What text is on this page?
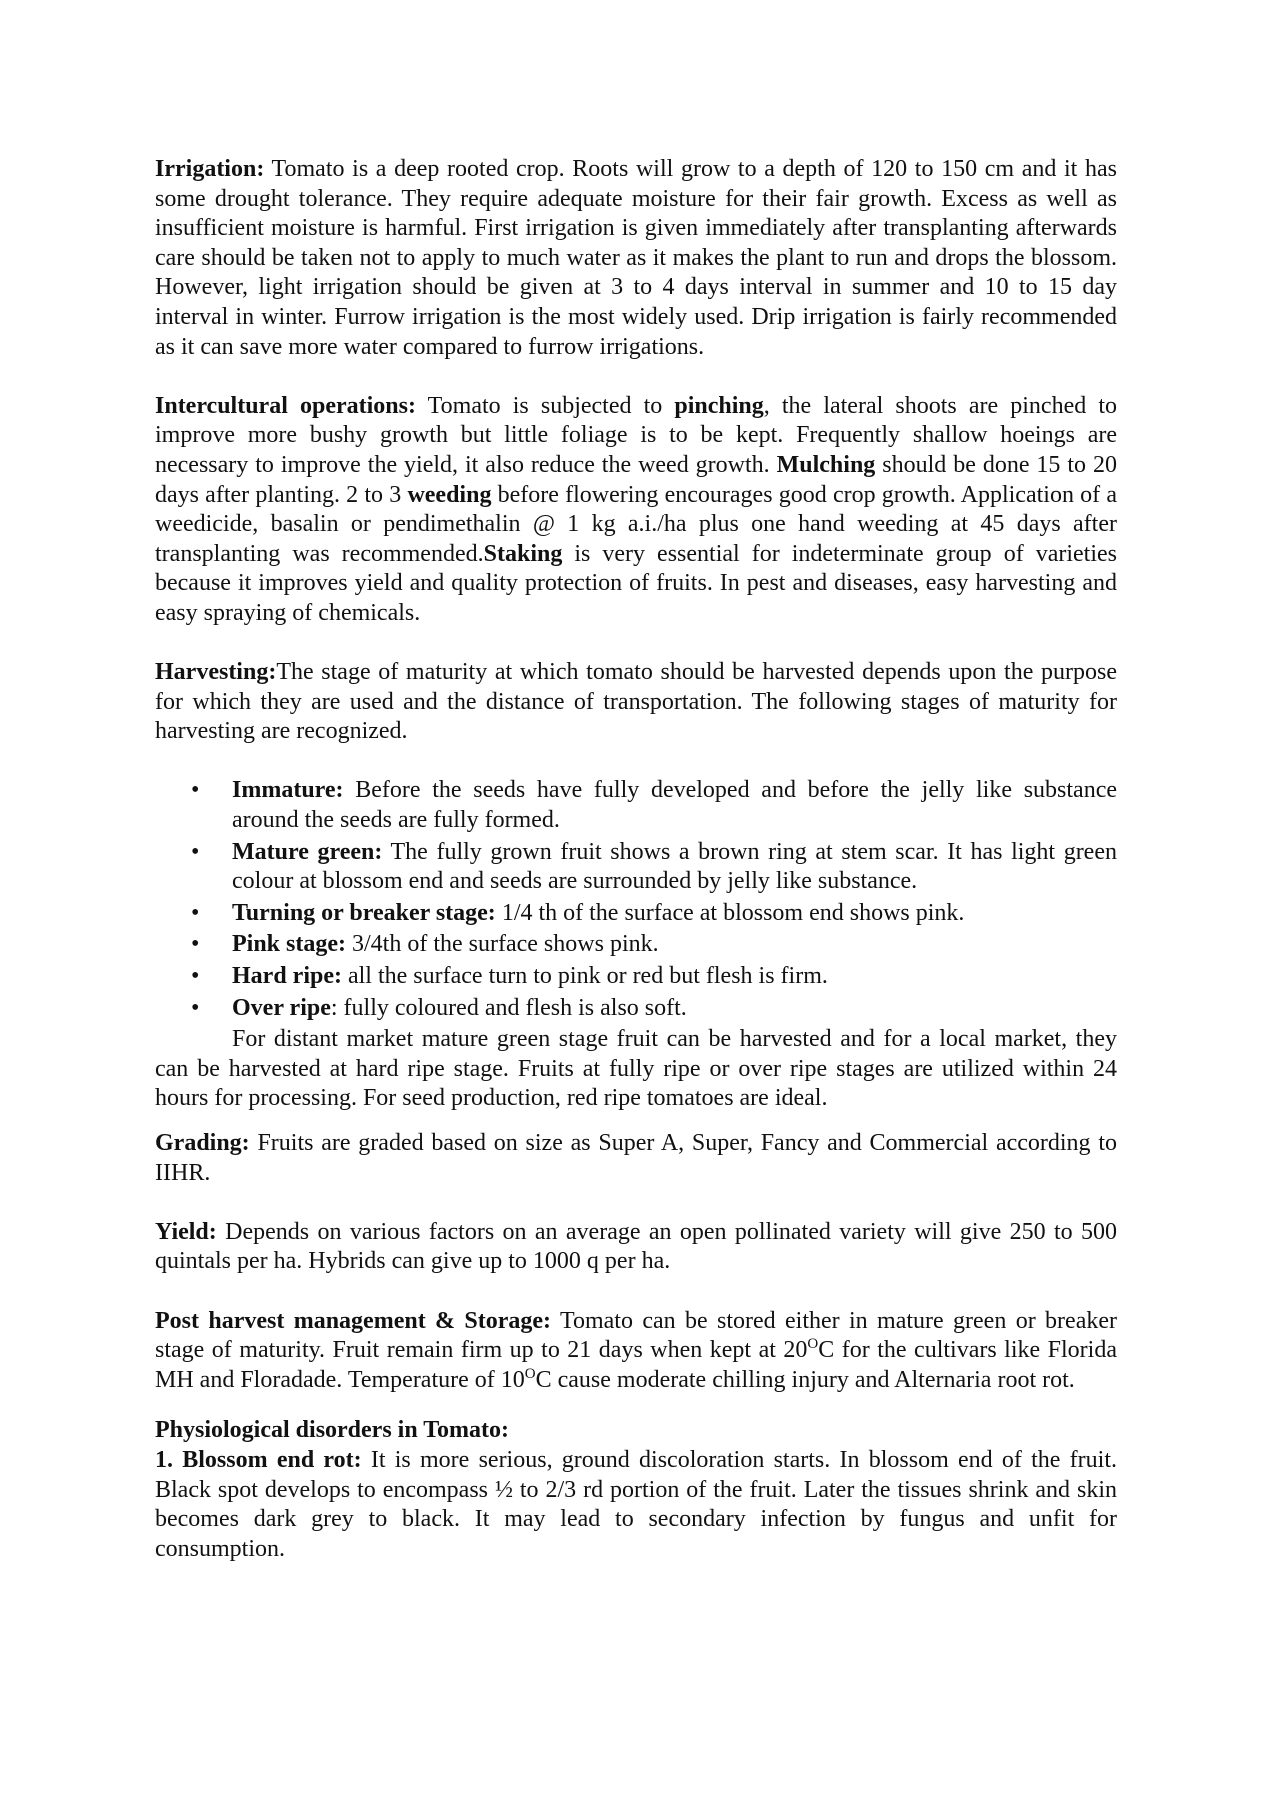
Irrigation: Tomato is a deep rooted crop. Roots will grow to a depth of 120 to 150 cm and it has some drought tolerance. They require adequate moisture for their fair growth. Excess as well as insufficient moisture is harmful. First irrigation is given immediately after transplanting afterwards care should be taken not to apply to much water as it makes the plant to run and drops the blossom. However, light irrigation should be given at 3 to 4 days interval in summer and 10 to 15 day interval in winter. Furrow irrigation is the most widely used. Drip irrigation is fairly recommended as it can save more water compared to furrow irrigations.

Intercultural operations: Tomato is subjected to pinching, the lateral shoots are pinched to improve more bushy growth but little foliage is to be kept. Frequently shallow hoeings are necessary to improve the yield, it also reduce the weed growth. Mulching should be done 15 to 20 days after planting. 2 to 3 weeding before flowering encourages good crop growth. Application of a weedicide, basalin or pendimethalin @ 1 kg a.i./ha plus one hand weeding at 45 days after transplanting was recommended.Staking is very essential for indeterminate group of varieties because it improves yield and quality protection of fruits. In pest and diseases, easy harvesting and easy spraying of chemicals.

Harvesting:The stage of maturity at which tomato should be harvested depends upon the purpose for which they are used and the distance of transportation. The following stages of maturity for harvesting are recognized.

• Immature: Before the seeds have fully developed and before the jelly like substance around the seeds are fully formed.
• Mature green: The fully grown fruit shows a brown ring at stem scar. It has light green colour at blossom end and seeds are surrounded by jelly like substance.
• Turning or breaker stage: 1/4 th of the surface at blossom end shows pink.
• Pink stage: 3/4th of the surface shows pink.
• Hard ripe: all the surface turn to pink or red but flesh is firm.
• Over ripe: fully coloured and flesh is also soft.

For distant market mature green stage fruit can be harvested and for a local market, they can be harvested at hard ripe stage. Fruits at fully ripe or over ripe stages are utilized within 24 hours for processing. For seed production, red ripe tomatoes are ideal.

Grading: Fruits are graded based on size as Super A, Super, Fancy and Commercial according to IIHR.

Yield: Depends on various factors on an average an open pollinated variety will give 250 to 500 quintals per ha. Hybrids can give up to 1000 q per ha.

Post harvest management & Storage: Tomato can be stored either in mature green or breaker stage of maturity. Fruit remain firm up to 21 days when kept at $20^OC$ for the cultivars like Florida MH and Floradade. Temperature of $10^OC$ cause moderate chilling injury and Alternaria root rot.

Physiological disorders in Tomato:

1. Blossom end rot: It is more serious, ground discoloration starts. In blossom end of the fruit. Black spot develops to encompass ½ to 2/3 rd portion of the fruit. Later the tissues shrink and skin becomes dark grey to black. It may lead to secondary infection by fungus and unfit for consumption.
